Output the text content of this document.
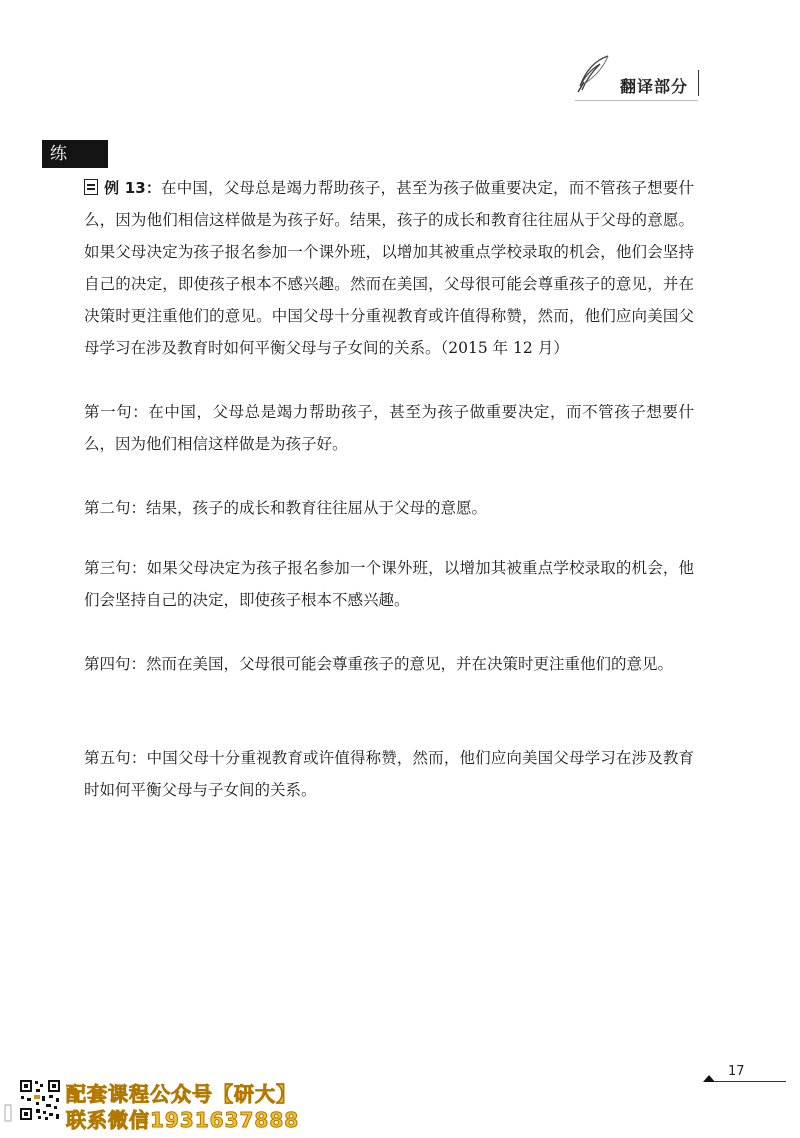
翻译部分
练 习	例 13：在中国，父母总是竭力帮助孩子，甚至为孩子做重要决定，而不管孩子想要什么，因为他们相信这样做是为孩子好。结果，孩子的成长和教育往往屈从于父母的意愿。如果父母决定为孩子报名参加一个课外班，以增加其被重点学校录取的机会，他们会坚持自己的决定，即使孩子根本不感兴趣。然而在美国，父母很可能会尊重孩子的意见，并在决策时更注重他们的意见。中国父母十分重视教育或许值得称赞，然而，他们应向美国父母学习在涉及教育时如何平衡父母与子女间的关系。（2015 年 12 月）
第一句：在中国，父母总是竭力帮助孩子，甚至为孩子做重要决定，而不管孩子想要什么，因为他们相信这样做是为孩子好。
第二句：结果，孩子的成长和教育往往屈从于父母的意愿。
第三句：如果父母决定为孩子报名参加一个课外班，以增加其被重点学校录取的机会，他们会坚持自己的决定，即使孩子根本不感兴趣。
第四句：然而在美国，父母很可能会尊重孩子的意见，并在决策时更注重他们的意见。
第五句：中国父母十分重视教育或许值得称赞，然而，他们应向美国父母学习在涉及教育时如何平衡父母与子女间的关系。
17
配套课程公众号【研大】
联系微信1931637888
